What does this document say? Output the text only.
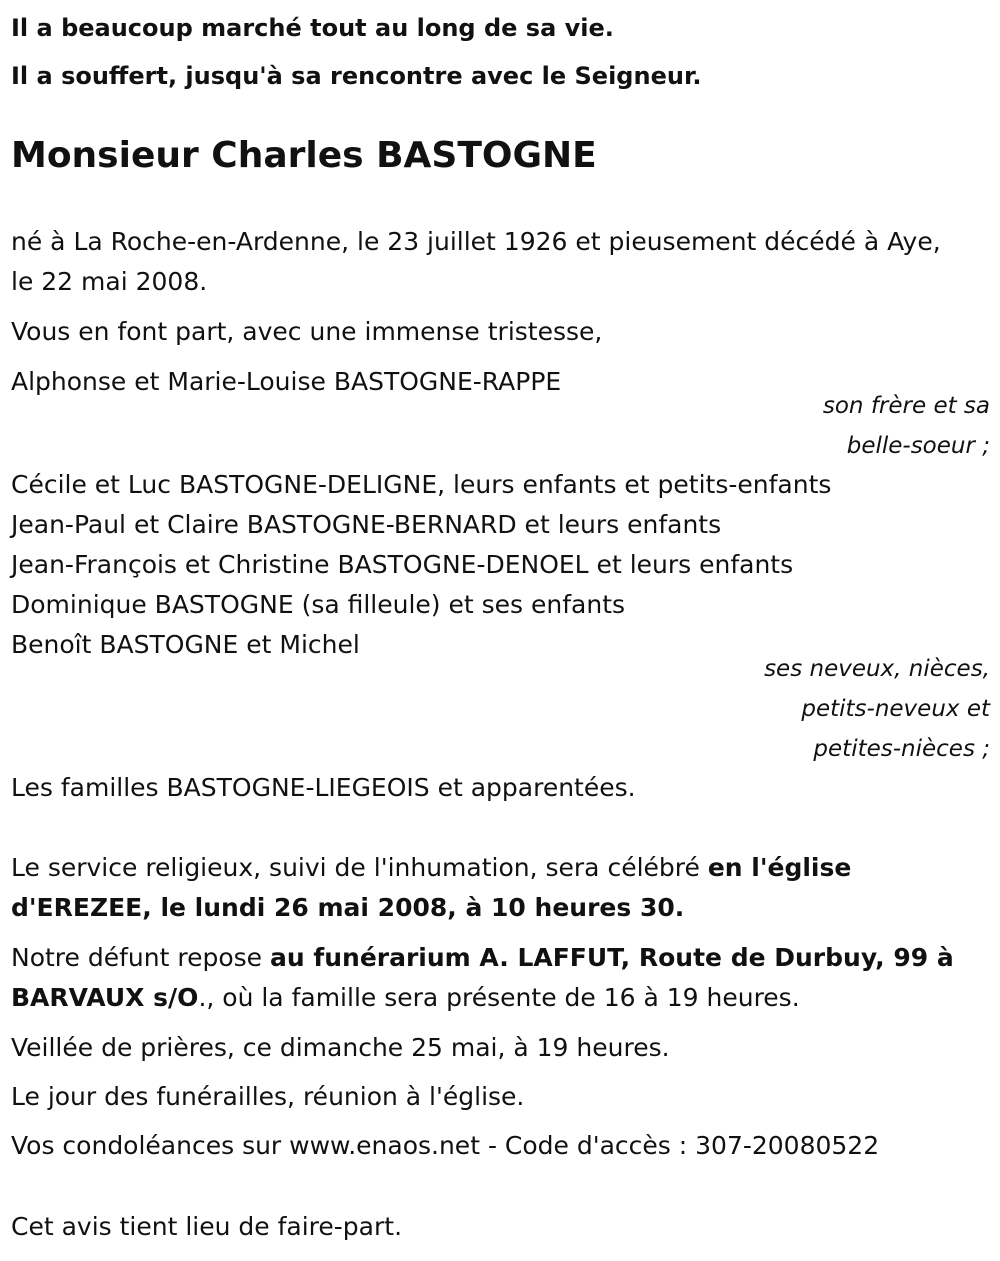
Il a beaucoup marché tout au long de sa vie.
Il a souffert, jusqu'à sa rencontre avec le Seigneur.
Monsieur Charles BASTOGNE
né à La Roche-en-Ardenne, le 23 juillet 1926 et pieusement décédé à Aye,
le 22 mai 2008.
Vous en font part, avec une immense tristesse,
Alphonse et Marie-Louise BASTOGNE-RAPPE
son frère et sa
belle-soeur ;
Cécile et Luc BASTOGNE-DELIGNE, leurs enfants et petits-enfants
Jean-Paul et Claire BASTOGNE-BERNARD et leurs enfants
Jean-François et Christine BASTOGNE-DENOEL et leurs enfants
Dominique BASTOGNE (sa filleule) et ses enfants
Benoît BASTOGNE et Michel
ses neveux, nièces,
petits-neveux et
petites-nièces ;
Les familles BASTOGNE-LIEGEOIS et apparentées.
Le service religieux, suivi de l'inhumation, sera célébré en l'église
d'EREZEE, le lundi 26 mai 2008, à 10 heures 30.
Notre défunt repose au funérarium A. LAFFUT, Route de Durbuy, 99 à
BARVAUX s/O., où la famille sera présente de 16 à 19 heures.
Veillée de prières, ce dimanche 25 mai, à 19 heures.
Le jour des funérailles, réunion à l'église.
Vos condoléances sur www.enaos.net - Code d'accès : 307-20080522
Cet avis tient lieu de faire-part.
